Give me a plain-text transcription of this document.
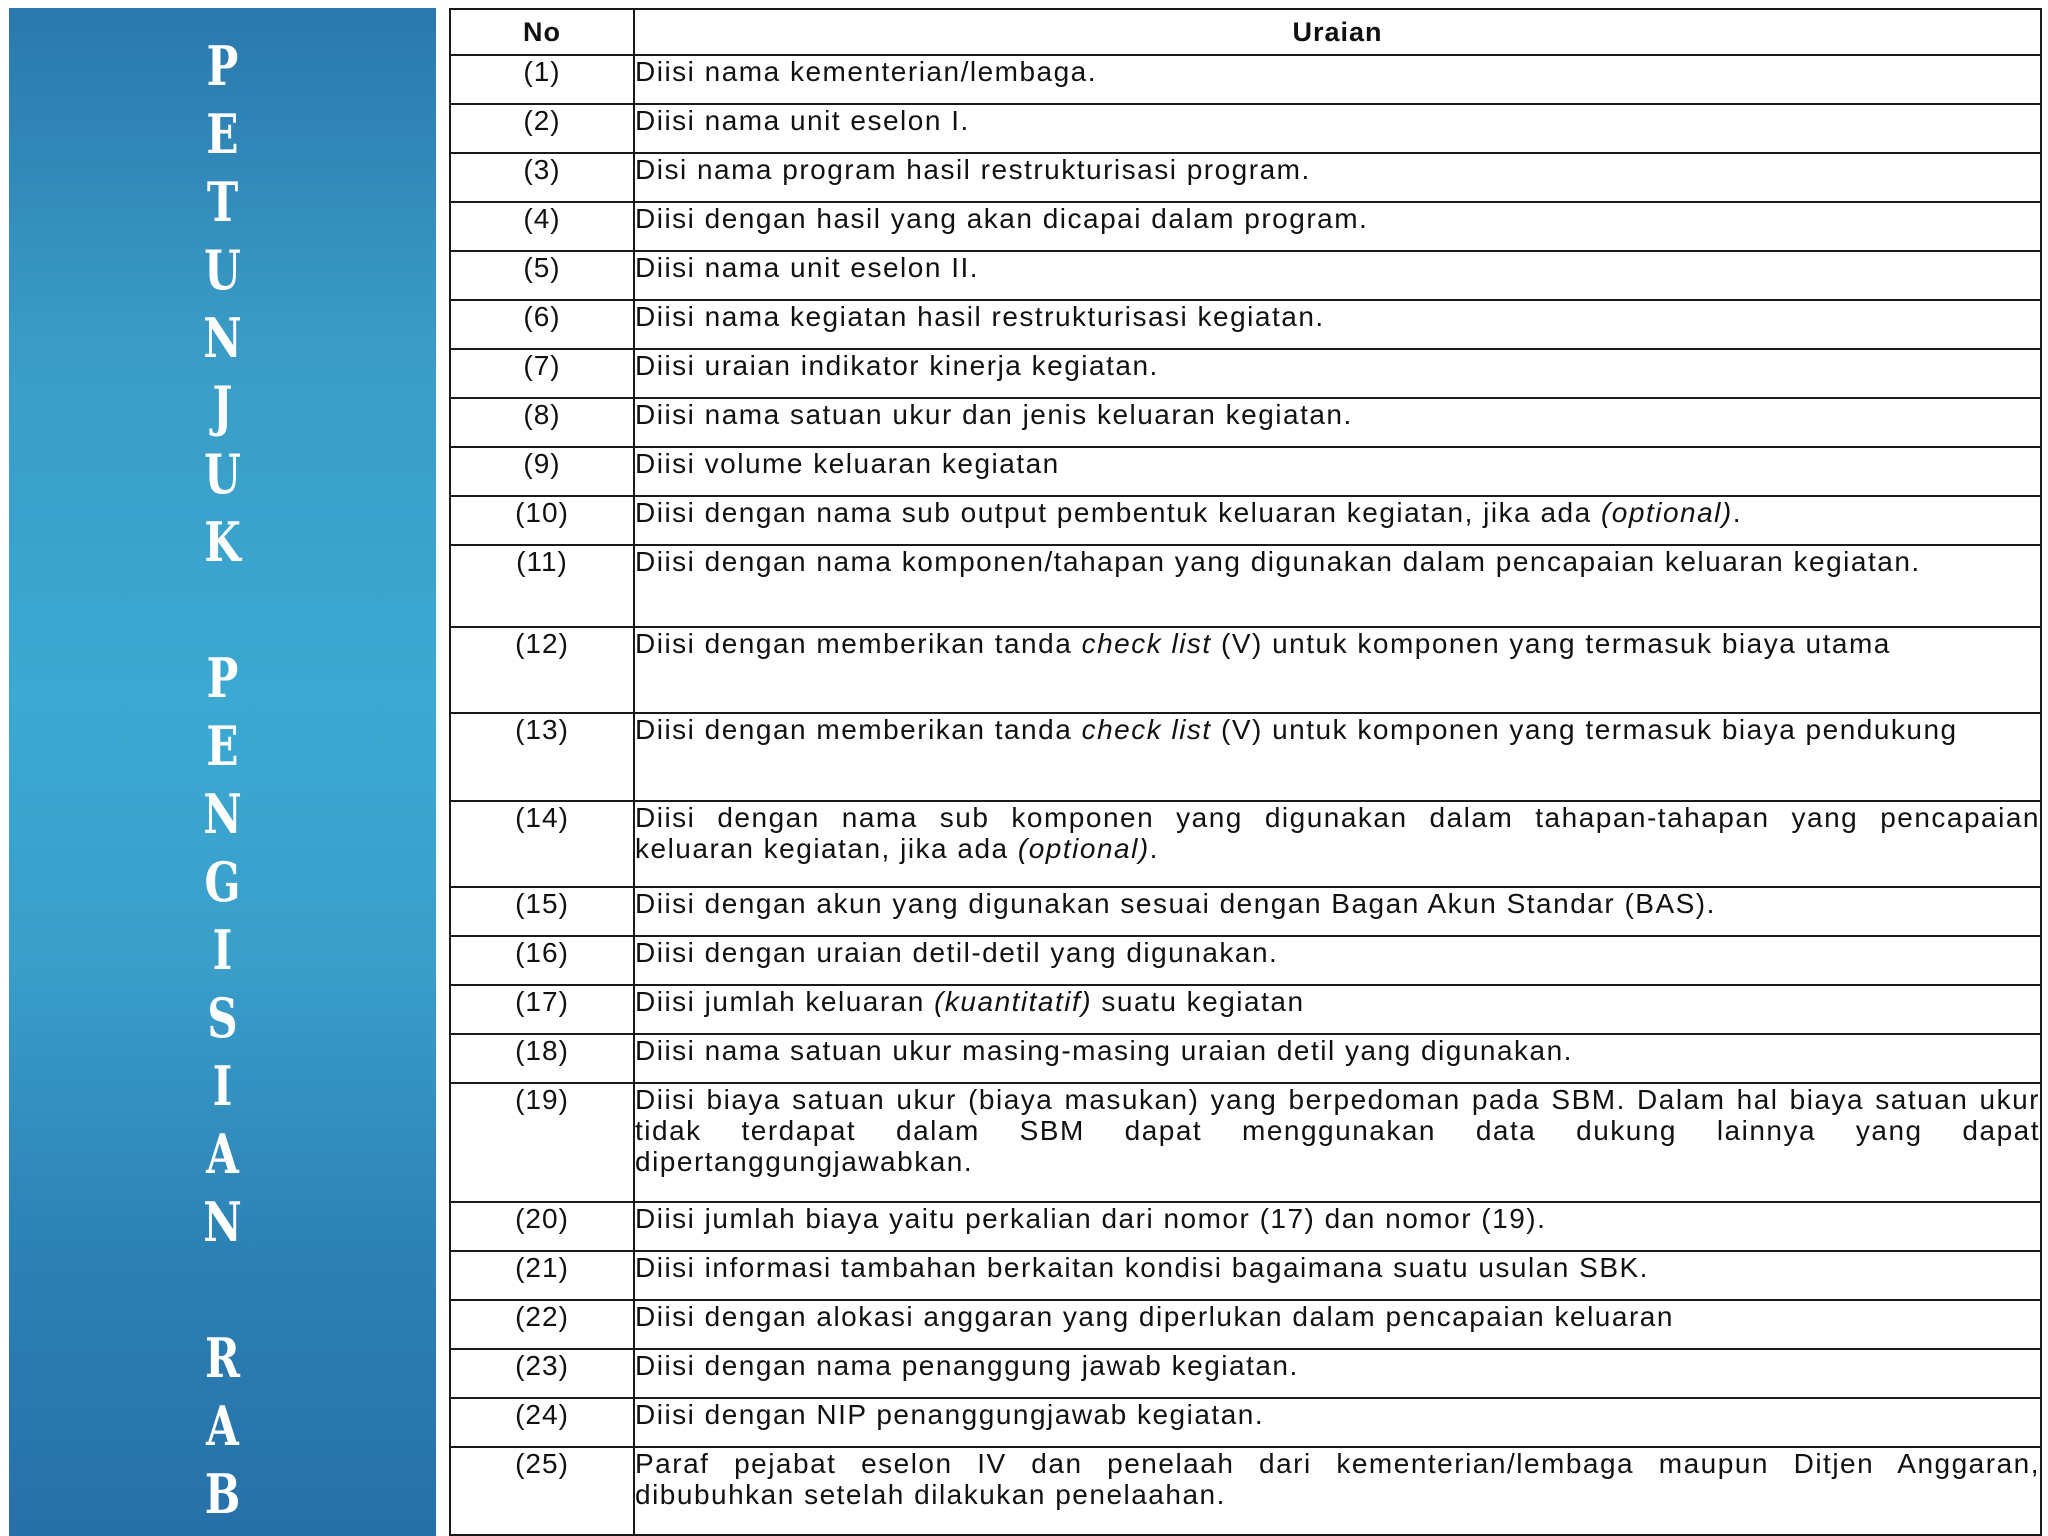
P
E
T
U
N
J
U
K
P
E
N
G
I
S
I
A
N
R
A
B
No	Uraian
(1)	Diisi nama kementerian/lembaga.
(2)	Diisi nama unit eselon I.
(3)	Disi nama program hasil restrukturisasi program.
(4)	Diisi dengan hasil yang akan dicapai dalam program.
(5)	Diisi nama unit eselon II.
(6)	Diisi nama kegiatan hasil restrukturisasi kegiatan.
(7)	Diisi uraian indikator kinerja kegiatan.
(8)	Diisi nama satuan ukur dan jenis keluaran kegiatan.
(9)	Diisi volume keluaran kegiatan
(10)	Diisi dengan nama sub output pembentuk keluaran kegiatan, jika ada (optional).
(11)	Diisi dengan nama komponen/tahapan yang digunakan dalam pencapaian keluaran kegiatan.
(12)	Diisi dengan memberikan tanda check list (V) untuk komponen yang termasuk biaya utama
(13)	Diisi dengan memberikan tanda check list (V) untuk komponen yang termasuk biaya pendukung
(14)	Diisi dengan nama sub komponen yang digunakan dalam tahapan-tahapan yang pencapaian keluaran kegiatan, jika ada (optional).
(15)	Diisi dengan akun yang digunakan sesuai dengan Bagan Akun Standar (BAS).
(16)	Diisi dengan uraian detil-detil yang digunakan.
(17)	Diisi jumlah keluaran (kuantitatif) suatu kegiatan
(18)	Diisi nama satuan ukur masing-masing uraian detil yang digunakan.
(19)	Diisi biaya satuan ukur (biaya masukan) yang berpedoman pada SBM. Dalam hal biaya satuan ukur tidak terdapat dalam SBM dapat menggunakan data dukung lainnya yang dapat dipertanggungjawabkan.
(20)	Diisi jumlah biaya yaitu perkalian dari nomor (17) dan nomor (19).
(21)	Diisi informasi tambahan berkaitan kondisi bagaimana suatu usulan SBK.
(22)	Diisi dengan alokasi anggaran yang diperlukan dalam pencapaian keluaran
(23)	Diisi dengan nama penanggung jawab kegiatan.
(24)	Diisi dengan NIP penanggungjawab kegiatan.
(25)	Paraf pejabat eselon IV dan penelaah dari kementerian/lembaga maupun Ditjen Anggaran, dibubuhkan setelah dilakukan penelaahan.
